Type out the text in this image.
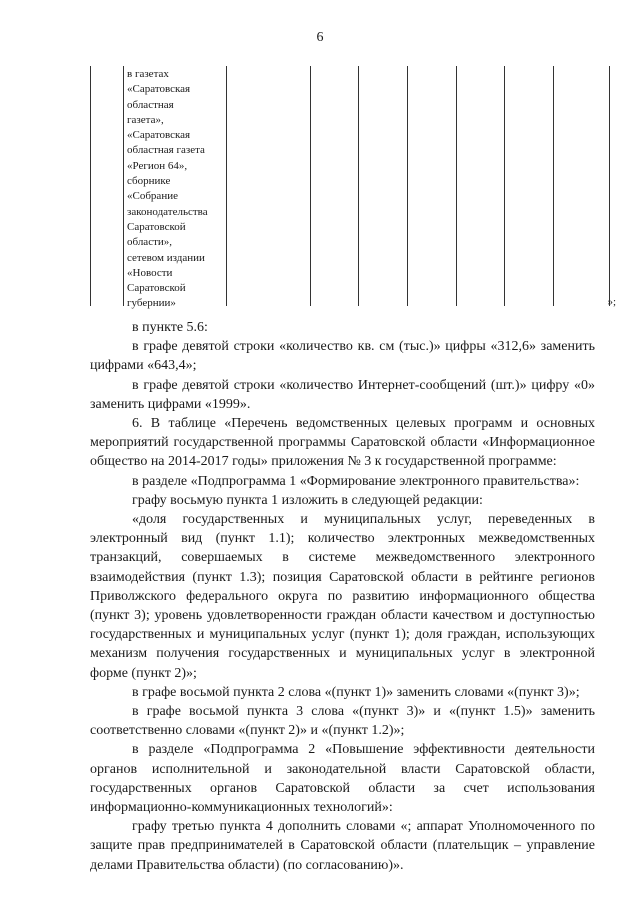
6
в газетах
«Саратовская
областная
газета»,
«Саратовская
областная газета
«Регион 64»,
сборнике
«Собрание
законодательства
Саратовской
области»,
сетевом издании
«Новости
Саратовской
губернии»	»;

в пункте 5.6:

в графе девятой строки «количество кв. см (тыс.)» цифры «312,6» заменить цифрами «643,4»;

в графе девятой строки «количество Интернет-сообщений (шт.)» цифру «0» заменить цифрами «1999».

6. В таблице «Перечень ведомственных целевых программ и основных мероприятий государственной программы Саратовской области «Информационное общество на 2014-2017 годы» приложения № 3 к государственной программе:

в разделе «Подпрограмма 1 «Формирование электронного правительства»:

графу восьмую пункта 1 изложить в следующей редакции:

«доля государственных и муниципальных услуг, переведенных в электронный вид (пункт 1.1); количество электронных межведомственных транзакций, совершаемых в системе межведомственного электронного взаимодействия (пункт 1.3); позиция Саратовской области в рейтинге регионов Приволжского федерального округа по развитию информационного общества (пункт 3); уровень удовлетворенности граждан области качеством и доступностью государственных и муниципальных услуг (пункт 1); доля граждан, использующих механизм получения государственных и муниципальных услуг в электронной форме (пункт 2)»;

в графе восьмой пункта 2 слова «(пункт 1)» заменить словами «(пункт 3)»;

в графе восьмой пункта 3 слова «(пункт 3)» и «(пункт 1.5)» заменить соответственно словами «(пункт 2)» и «(пункт 1.2)»;

в разделе «Подпрограмма 2 «Повышение эффективности деятельности органов исполнительной и законодательной власти Саратовской области, государственных органов Саратовской области за счет использования информационно-коммуникационных технологий»:

графу третью пункта 4 дополнить словами «; аппарат Уполномоченного по защите прав предпринимателей в Саратовской области (плательщик – управление делами Правительства области) (по согласованию)».
